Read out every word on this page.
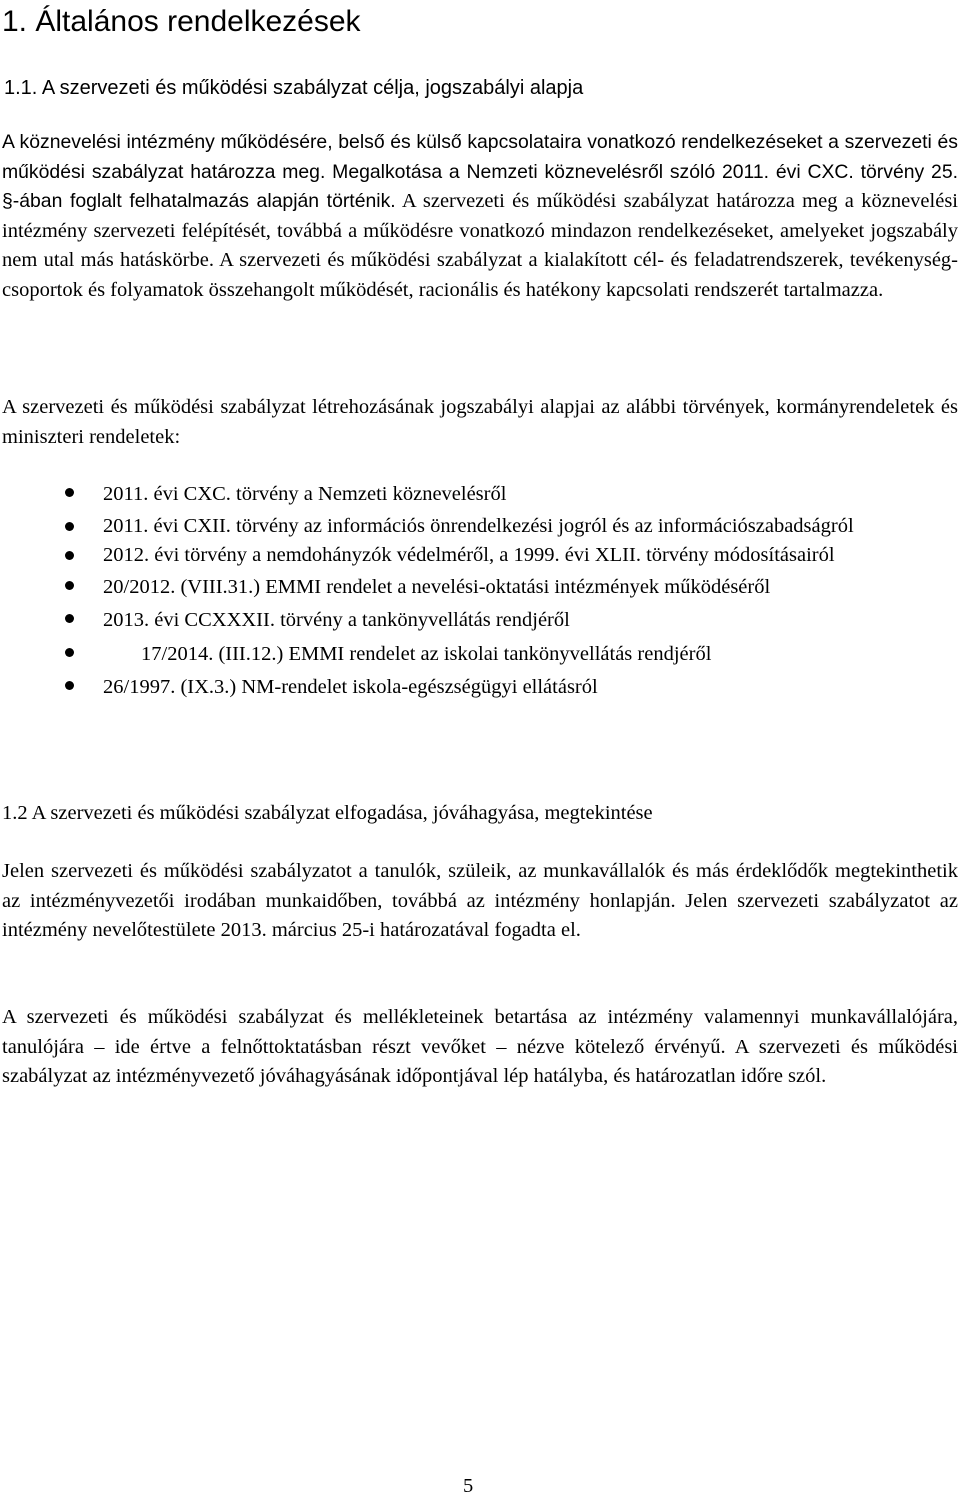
1. Általános rendelkezések
1.1. A szervezeti és működési szabályzat célja, jogszabályi alapja

A köznevelési intézmény működésére, belső és külső kapcsolataira vonatkozó rendelkezéseket a szervezeti és működési szabályzat határozza meg. Megalkotása a Nemzeti köznevelésről szóló 2011. évi CXC. törvény 25. §-ában foglalt felhatalmazás alapján történik. A szervezeti és működési szabályzat határozza meg a köznevelési intézmény szervezeti felépítését, továbbá a működésre vonatkozó mindazon rendelkezéseket, amelyeket jogszabály nem utal más hatáskörbe. A szervezeti és működési szabályzat a kialakított cél- és feladatrendszerek, tevékenység-csoportok és folyamatok összehangolt működését, racionális és hatékony kapcsolati rendszerét tartalmazza.

A szervezeti és működési szabályzat létrehozásának jogszabályi alapjai az alábbi törvények, kormányrendeletek és miniszteri rendeletek:

2011. évi CXC. törvény a Nemzeti köznevelésről
2011. évi CXII. törvény az információs önrendelkezési jogról és az információszabadságról
2012. évi törvény a nemdohányzók védelméről, a 1999. évi XLII. törvény módosításairól
20/2012. (VIII.31.) EMMI rendelet a nevelési-oktatási intézmények működéséről
2013. évi CCXXXII. törvény a tankönyvellátás rendjéről
17/2014. (III.12.) EMMI rendelet az iskolai tankönyvellátás rendjéről
26/1997. (IX.3.) NM-rendelet iskola-egészségügyi ellátásról

1.2 A szervezeti és működési szabályzat elfogadása, jóváhagyása, megtekintése

Jelen szervezeti és működési szabályzatot a tanulók, szüleik, az munkavállalók és más érdeklődők megtekinthetik az intézményvezetői irodában munkaidőben, továbbá az intézmény honlapján. Jelen szervezeti szabályzatot az intézmény nevelőtestülete 2013. március 25-i határozatával fogadta el.

A szervezeti és működési szabályzat és mellékleteinek betartása az intézmény valamennyi munkavállalójára, tanulójára – ide értve a felnőttoktatásban részt vevőket – nézve kötelező érvényű. A szervezeti és működési szabályzat az intézményvezető jóváhagyásának időpontjával lép hatályba, és határozatlan időre szól.

5
